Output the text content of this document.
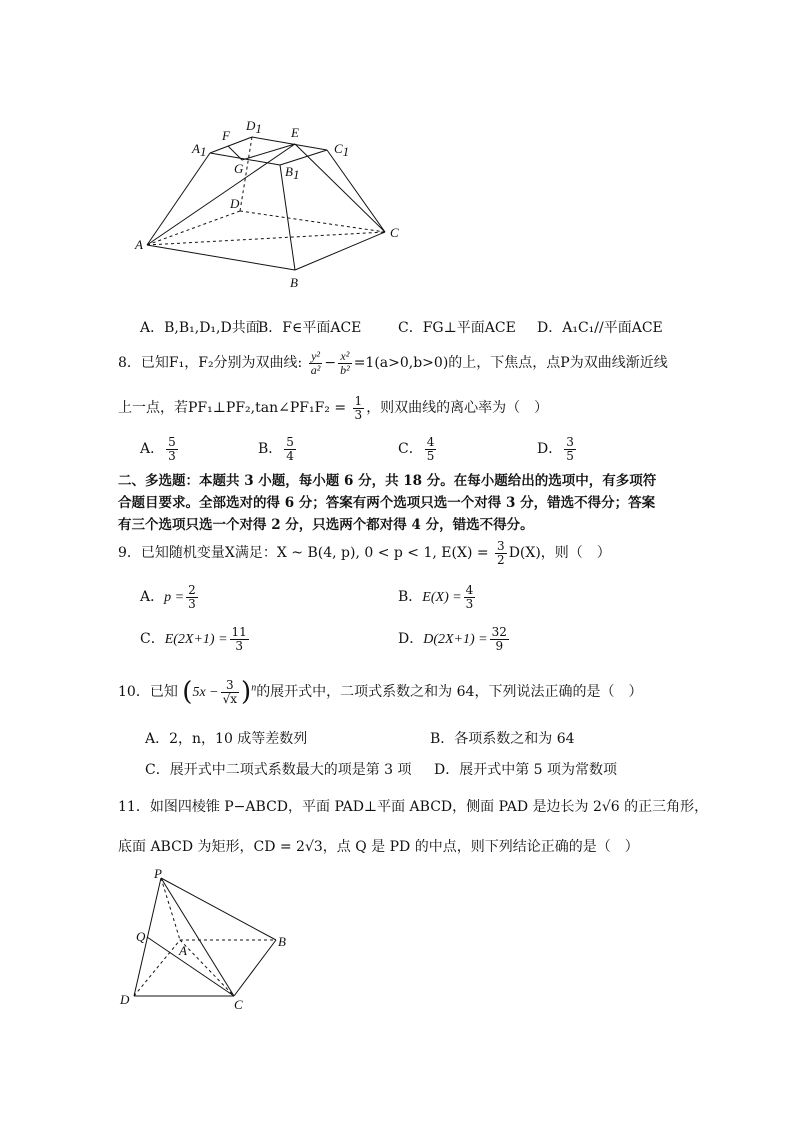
A
B
C
D
A1
B1
C1
D1 E
F
G
A．B,B₁,D₁,D共面
B．F∈平面ACE	C．FG⊥平面ACE D．A₁C₁//平面ACE
8．已知F₁，F₂分别为双曲线: $\frac{\text{y²}}{\text{a²}} - \frac{\text{x²}}{\text{b²}} =1(a>0,b>0)$的上，下焦点，点P为双曲线渐近线
上一点，若PF₁⊥PF₂,tan∠PF₁F₂ = $\frac{1}{3}$ ，则双曲线的离心率为（　）
A． $\frac{5}{3}$	B． $\frac{5}{4}$	C． $\frac{4}{5}$	D． $\frac{3}{5}$
二、多选题：本题共 3 小题，每小题 6 分，共 18 分。在每小题给出的选项中，有多项符合题目要求。全部选对的得 6 分；答案有两个选项只选一个对得 3 分，错选不得分；答案有三个选项只选一个对得 2 分，只选两个都对得 4 分，错选不得分。
9．已知随机变量X满足：X ~ B(4, p), 0 < p < 1, $E(X) = \frac{3}{2} D(X)$，则（　）
A．$p = \frac{2}{3}$	B．$E(X) = \frac{4}{3}$
C．$E(2X+1) = \frac{11}{3}$	D．$D(2X+1) = \frac{32}{9}$
10．已知 $(5x - \frac{3}{√x} )^n$的展开式中，二项式系数之和为 64，下列说法正确的是（　）
A．2，n，10 成等差数列	B．各项系数之和为 64
C．展开式中二项式系数最大的项是第 3 项 D．展开式中第 5 项为常数项
11．如图四棱锥 P−ABCD，平面 PAD⊥平面 ABCD，侧面 PAD 是边长为 2√6 的正三角形，
底面 ABCD 为矩形，CD = 2√3，点 Q 是 PD 的中点，则下列结论正确的是（　）
P
Q
A
B
C
D
